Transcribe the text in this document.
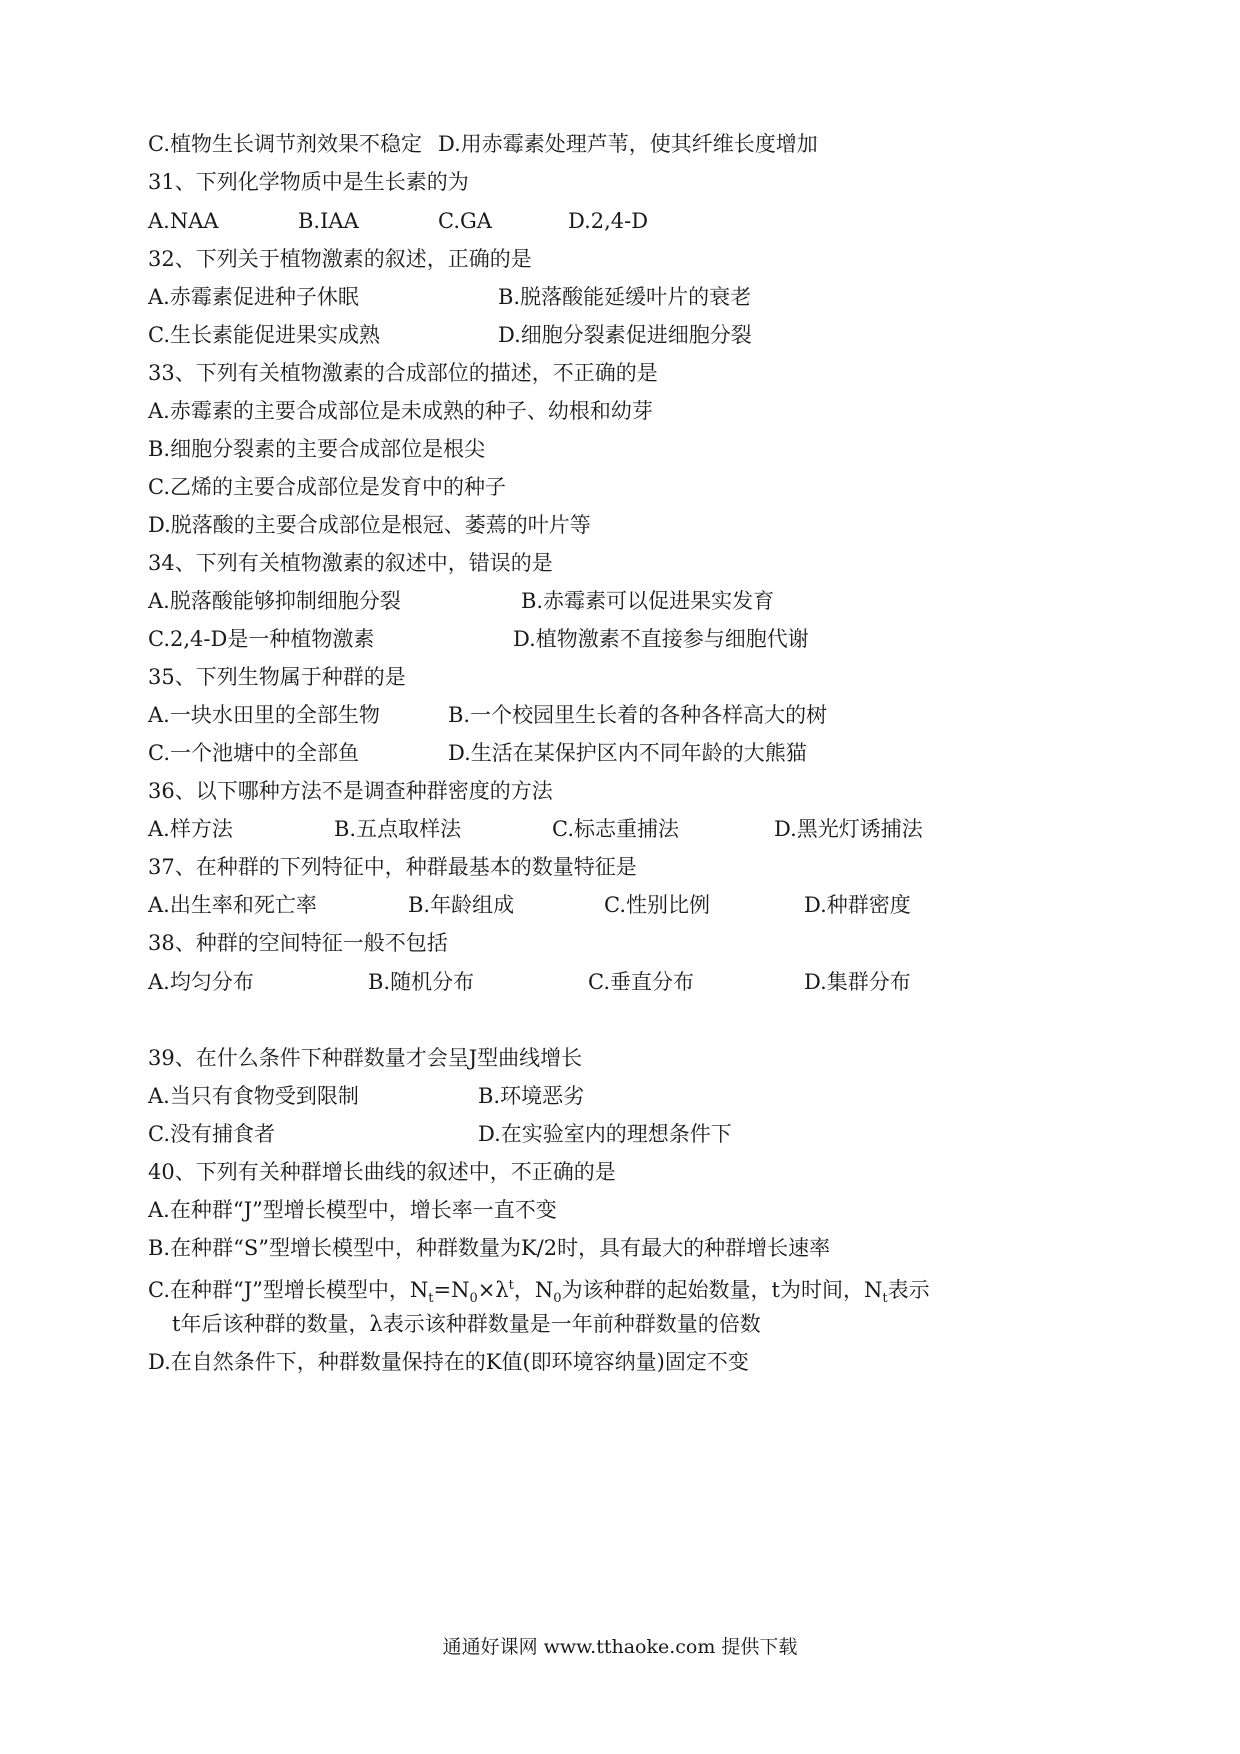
C.植物生长调节剂效果不稳定 D.用赤霉素处理芦苇，使其纤维长度增加
31、下列化学物质中是生长素的为
A.NAA	B.IAA	C.GA	D.2,4-D
32、下列关于植物激素的叙述，正确的是
A.赤霉素促进种子休眠	B.脱落酸能延缓叶片的衰老
C.生长素能促进果实成熟	D.细胞分裂素促进细胞分裂
33、下列有关植物激素的合成部位的描述，不正确的是
A.赤霉素的主要合成部位是未成熟的种子、幼根和幼芽
B.细胞分裂素的主要合成部位是根尖
C.乙烯的主要合成部位是发育中的种子
D.脱落酸的主要合成部位是根冠、萎蔫的叶片等
34、下列有关植物激素的叙述中，错误的是
A.脱落酸能够抑制细胞分裂	B.赤霉素可以促进果实发育
C.2,4-D是一种植物激素	D.植物激素不直接参与细胞代谢
35、下列生物属于种群的是
A.一块水田里的全部生物	B.一个校园里生长着的各种各样高大的树
C.一个池塘中的全部鱼	D.生活在某保护区内不同年龄的大熊猫
36、以下哪种方法不是调查种群密度的方法
A.样方法	B.五点取样法	C.标志重捕法	D.黑光灯诱捕法
37、在种群的下列特征中，种群最基本的数量特征是
A.出生率和死亡率	B.年龄组成	C.性别比例	D.种群密度
38、种群的空间特征一般不包括
A.均匀分布	B.随机分布	C.垂直分布	D.集群分布
39、在什么条件下种群数量才会呈J型曲线增长
A.当只有食物受到限制	B.环境恶劣
C.没有捕食者	D.在实验室内的理想条件下
40、下列有关种群增长曲线的叙述中，不正确的是
A.在种群“J”型增长模型中，增长率一直不变
B.在种群“S”型增长模型中，种群数量为K/2时，具有最大的种群增长速率
C.在种群“J”型增长模型中，$N_t=N_0\times\lambda^t$，$N_0$为该种群的起始数量，t为时间，$N_t$表示
t年后该种群的数量，λ表示该种群数量是一年前种群数量的倍数
D.在自然条件下，种群数量保持在的K值(即环境容纳量)固定不变
通通好课网 www.tthaoke.com 提供下载
